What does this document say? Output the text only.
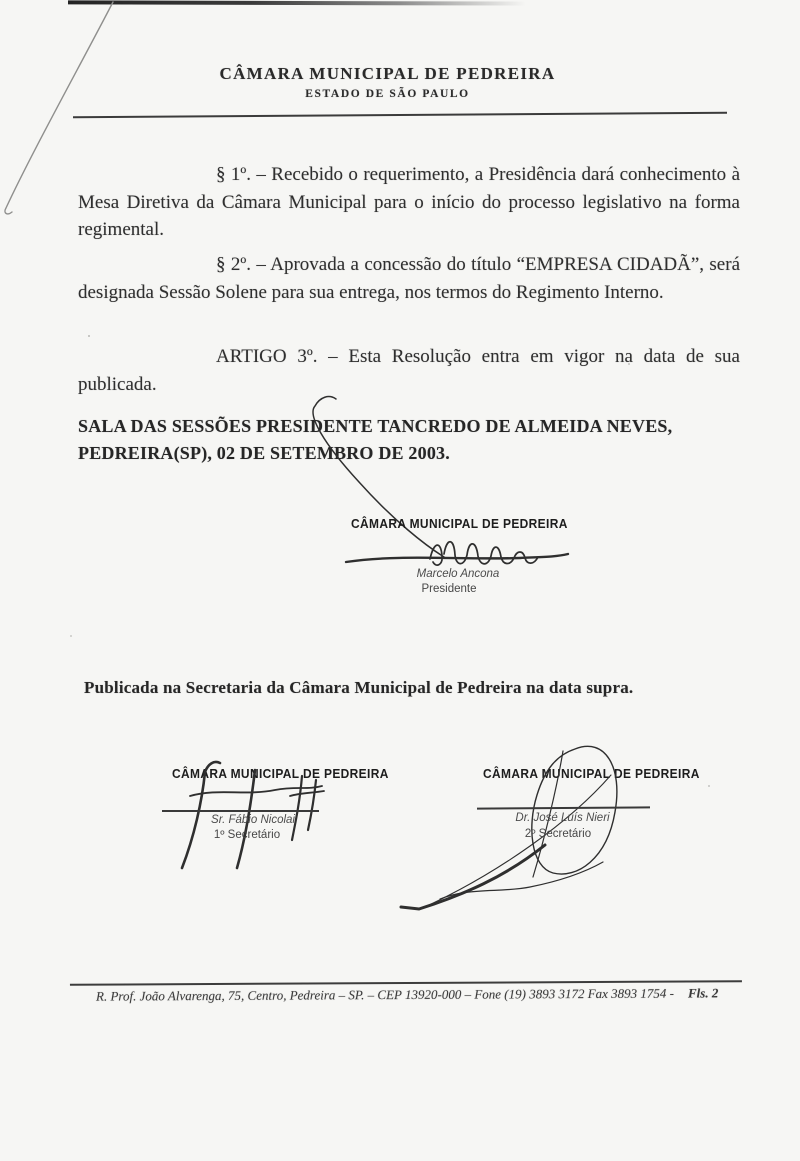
CÂMARA MUNICIPAL DE PEDREIRA
ESTADO DE SÃO PAULO

§ 1º. – Recebido o requerimento, a Presidência dará conhecimento à Mesa Diretiva da Câmara Municipal para o início do processo legislativo na forma regimental.

§ 2º. – Aprovada a concessão do título “EMPRESA CIDADÃ”, será designada Sessão Solene para sua entrega, nos termos do Regimento Interno.

ARTIGO 3º. – Esta Resolução entra em vigor na data de sua publicada.

SALA DAS SESSÕES PRESIDENTE TANCREDO DE ALMEIDA NEVES, PEDREIRA(SP), 02 DE SETEMBRO DE 2003.
CÂMARA MUNICIPAL DE PEDREIRA
Marcelo Ancona
Presidente
Publicada na Secretaria da Câmara Municipal de Pedreira na data supra.
CÂMARA MUNICIPAL DE PEDREIRA
Sr. Fábio Nicolai
1º Secretário
CÂMARA MUNICIPAL DE PEDREIRA
Dr. José Luís Nieri
2º Secretário
R. Prof. João Alvarenga, 75, Centro, Pedreira – SP. – CEP 13920-000 – Fone (19) 3893 3172 Fax 3893 1754 - Fls. 2
